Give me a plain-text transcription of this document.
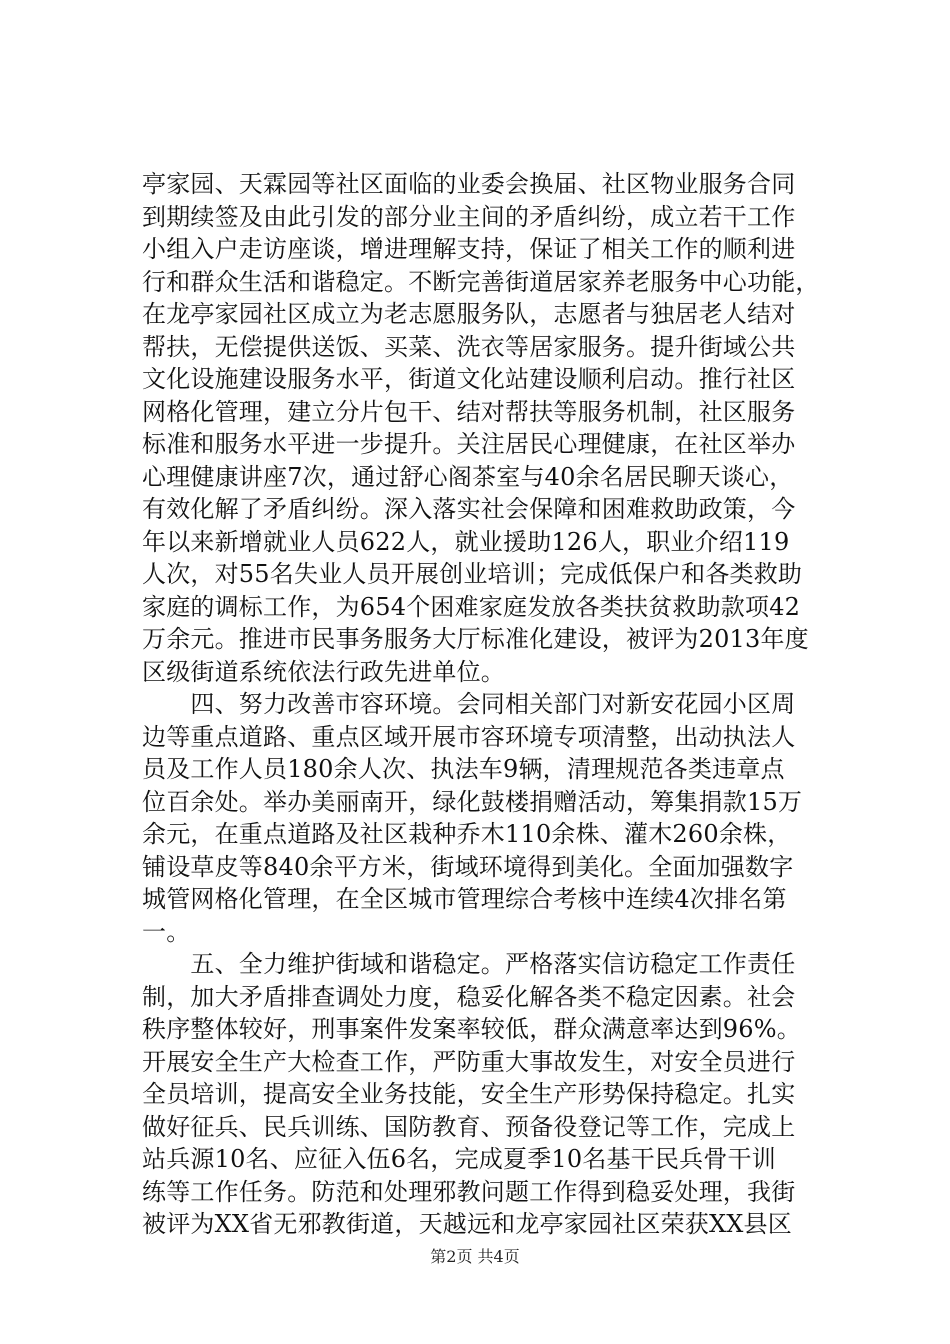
亭家园、天霖园等社区面临的业委会换届、社区物业服务合同
到期续签及由此引发的部分业主间的矛盾纠纷，成立若干工作
小组入户走访座谈，增进理解支持，保证了相关工作的顺利进
行和群众生活和谐稳定。不断完善街道居家养老服务中心功能，
在龙亭家园社区成立为老志愿服务队，志愿者与独居老人结对
帮扶，无偿提供送饭、买菜、洗衣等居家服务。提升街域公共
文化设施建设服务水平，街道文化站建设顺利启动。推行社区
网格化管理，建立分片包干、结对帮扶等服务机制，社区服务
标准和服务水平进一步提升。关注居民心理健康，在社区举办
心理健康讲座7次，通过舒心阁茶室与40余名居民聊天谈心，
有效化解了矛盾纠纷。深入落实社会保障和困难救助政策，今
年以来新增就业人员622人，就业援助126人，职业介绍119
人次，对55名失业人员开展创业培训；完成低保户和各类救助
家庭的调标工作，为654个困难家庭发放各类扶贫救助款项42
万余元。推进市民事务服务大厅标准化建设，被评为2013年度
区级街道系统依法行政先进单位。
　　四、努力改善市容环境。会同相关部门对新安花园小区周
边等重点道路、重点区域开展市容环境专项清整，出动执法人
员及工作人员180余人次、执法车9辆，清理规范各类违章点
位百余处。举办美丽南开，绿化鼓楼捐赠活动，筹集捐款15万
余元，在重点道路及社区栽种乔木110余株、灌木260余株，
铺设草皮等840余平方米，街域环境得到美化。全面加强数字
城管网格化管理，在全区城市管理综合考核中连续4次排名第
一。
　　五、全力维护街域和谐稳定。严格落实信访稳定工作责任
制，加大矛盾排查调处力度，稳妥化解各类不稳定因素。社会
秩序整体较好，刑事案件发案率较低，群众满意率达到96%。
开展安全生产大检查工作，严防重大事故发生，对安全员进行
全员培训，提高安全业务技能，安全生产形势保持稳定。扎实
做好征兵、民兵训练、国防教育、预备役登记等工作，完成上
站兵源10名、应征入伍6名，完成夏季10名基干民兵骨干训
练等工作任务。防范和处理邪教问题工作得到稳妥处理，我街
被评为XX省无邪教街道，天越远和龙亭家园社区荣获XX县区
第2页 共4页
